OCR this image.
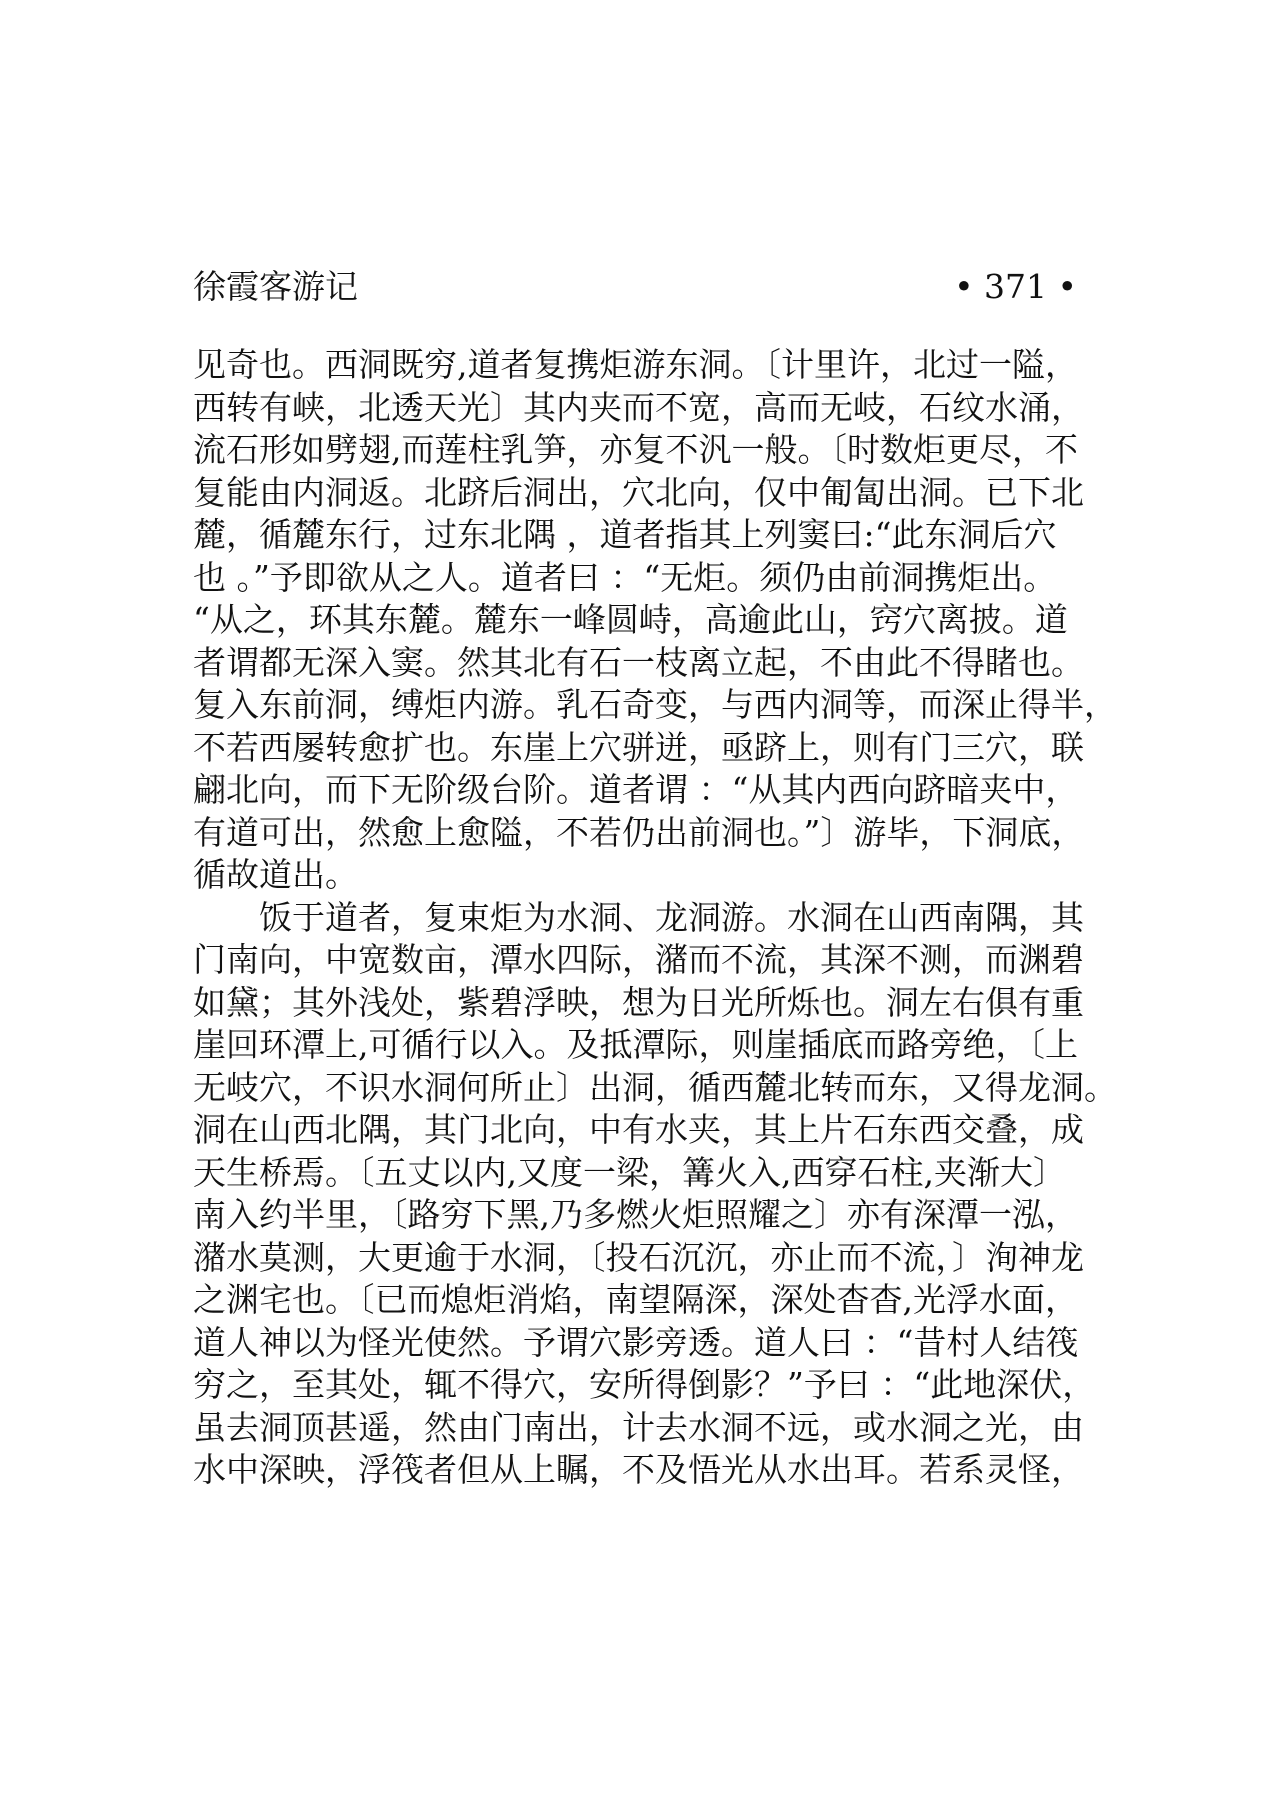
徐霞客游记	• 371 •
见奇也。西洞既穷,道者复携炬游东洞。〔计里许，北过一隘，
西转有峡，北透天光〕其内夹而不宽，高而无岐，石纹水涌，
流石形如劈翅,而莲柱乳笋，亦复不汎一般。〔时数炬更尽，不
复能由内洞返。北跻后洞出，穴北向，仅中匍匐出洞。已下北
麓，循麓东行，过东北隅 ，道者指其上列窦曰:“此东洞后穴
也 。”予即欲从之人。道者曰 ：“无炬。须仍由前洞携炬出。
“从之，环其东麓。麓东一峰圆峙，高逾此山，窍穴离披。道
者谓都无深入窦。然其北有石一枝离立起，不由此不得睹也。
复入东前洞，缚炬内游。乳石奇变，与西内洞等，而深止得半，
不若西屡转愈扩也。东崖上穴骈迸，亟跻上，则有门三穴，联
翩北向，而下无阶级台阶。道者谓 ：“从其内西向跻暗夹中，
有道可出，然愈上愈隘，不若仍出前洞也。”〕游毕，下洞底，
循故道出。
饭于道者，复束炬为水洞、龙洞游。水洞在山西南隅，其
门南向，中宽数亩，潭水四际，潴而不流，其深不测，而渊碧
如黛；其外浅处，紫碧浮映，想为日光所烁也。洞左右俱有重
崖回环潭上,可循行以入。及抵潭际，则崖插底而路旁绝，〔上
无岐穴，不识水洞何所止〕出洞，循西麓北转而东，又得龙洞。
洞在山西北隅，其门北向，中有水夹，其上片石东西交叠，成
天生桥焉。〔五丈以内,又度一梁，篝火入,西穿石柱,夹渐大〕
南入约半里，〔路穷下黑,乃多燃火炬照耀之〕亦有深潭一泓，
潴水莫测，大更逾于水洞，〔投石沉沉，亦止而不流，〕洵神龙
之渊宅也。〔已而熄炬消焰，南望隔深，深处杳杳,光浮水面，
道人神以为怪光使然。予谓穴影旁透。道人曰 ：“昔村人结筏
穷之，至其处，辄不得穴，安所得倒影？”予曰 ：“此地深伏，
虽去洞顶甚遥，然由门南出，计去水洞不远，或水洞之光，由
水中深映，浮筏者但从上瞩，不及悟光从水出耳。若系灵怪，
